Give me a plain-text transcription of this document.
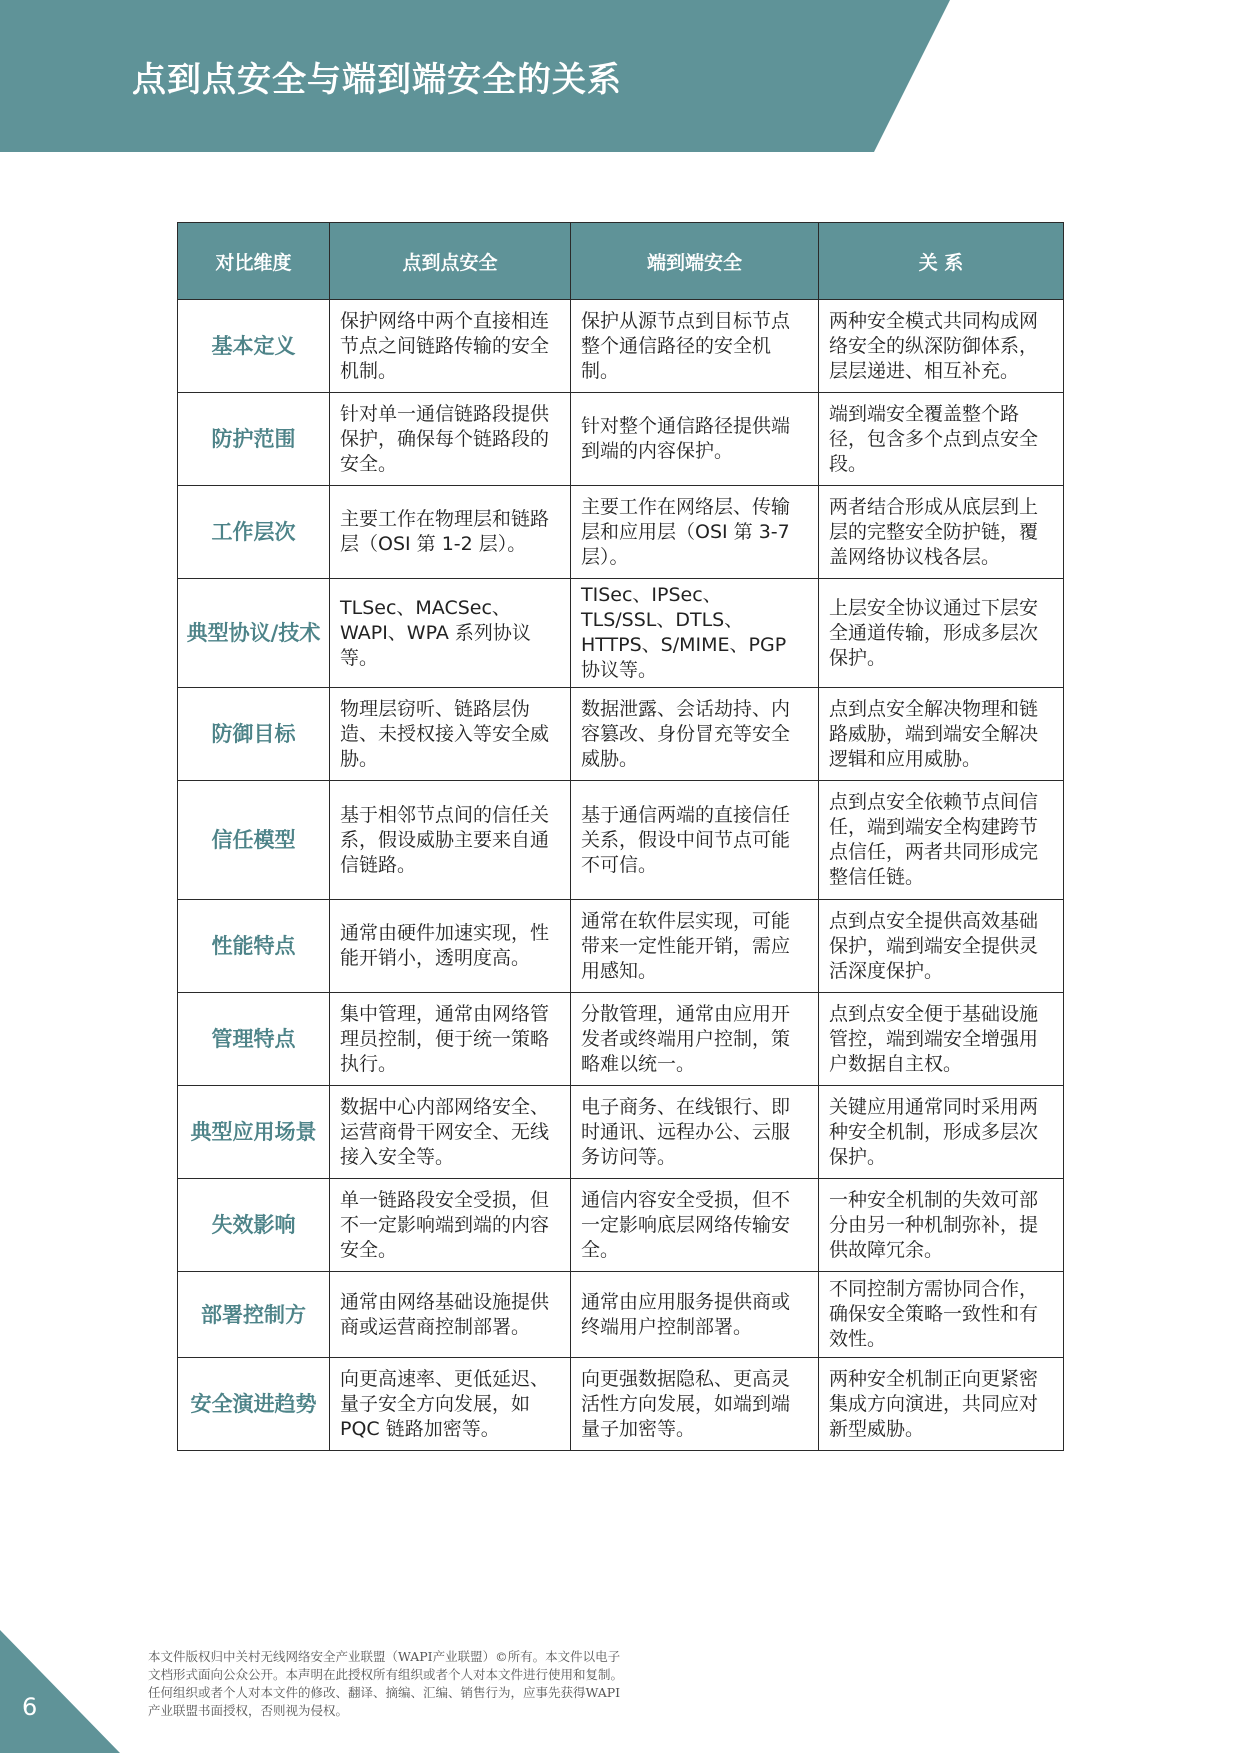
点到点安全与端到端安全的关系
对比维度	点到点安全	端到端安全	关 系
基本定义	保护网络中两个直接相连节点之间链路传输的安全机制。	保护从源节点到目标节点整个通信路径的安全机制。	两种安全模式共同构成网络安全的纵深防御体系，层层递进、相互补充。
防护范围	针对单一通信链路段提供保护，确保每个链路段的安全。	针对整个通信路径提供端到端的内容保护。	端到端安全覆盖整个路径，包含多个点到点安全段。
工作层次	主要工作在物理层和链路层（OSI 第 1-2 层）。	主要工作在网络层、传输层和应用层（OSI 第 3-7 层）。	两者结合形成从底层到上层的完整安全防护链，覆盖网络协议栈各层。
典型协议/技术	TLSec、MACSec、WAPI、WPA 系列协议等。	TISec、IPSec、TLS/SSL、DTLS、HTTPS、S/MIME、PGP 协议等。	上层安全协议通过下层安全通道传输，形成多层次保护。
防御目标	物理层窃听、链路层伪造、未授权接入等安全威胁。	数据泄露、会话劫持、内容篡改、身份冒充等安全威胁。	点到点安全解决物理和链路威胁，端到端安全解决逻辑和应用威胁。
信任模型	基于相邻节点间的信任关系，假设威胁主要来自通信链路。	基于通信两端的直接信任关系，假设中间节点可能不可信。	点到点安全依赖节点间信任，端到端安全构建跨节点信任，两者共同形成完整信任链。
性能特点	通常由硬件加速实现，性能开销小，透明度高。	通常在软件层实现，可能带来一定性能开销，需应用感知。	点到点安全提供高效基础保护，端到端安全提供灵活深度保护。
管理特点	集中管理，通常由网络管理员控制，便于统一策略执行。	分散管理，通常由应用开发者或终端用户控制，策略难以统一。	点到点安全便于基础设施管控，端到端安全增强用户数据自主权。
典型应用场景	数据中心内部网络安全、运营商骨干网安全、无线接入安全等。	电子商务、在线银行、即时通讯、远程办公、云服务访问等。	关键应用通常同时采用两种安全机制，形成多层次保护。
失效影响	单一链路段安全受损，但不一定影响端到端的内容安全。	通信内容安全受损，但不一定影响底层网络传输安全。	一种安全机制的失效可部分由另一种机制弥补，提供故障冗余。
部署控制方	通常由网络基础设施提供商或运营商控制部署。	通常由应用服务提供商或终端用户控制部署。	不同控制方需协同合作，确保安全策略一致性和有效性。
安全演进趋势	向更高速率、更低延迟、量子安全方向发展，如 PQC 链路加密等。	向更强数据隐私、更高灵活性方向发展，如端到端量子加密等。	两种安全机制正向更紧密集成方向演进，共同应对新型威胁。
6
本文件版权归中关村无线网络安全产业联盟（WAPI产业联盟）©所有。本文件以电子文档形式面向公众公开。本声明在此授权所有组织或者个人对本文件进行使用和复制。任何组织或者个人对本文件的修改、翻译、摘编、汇编、销售行为，应事先获得WAPI产业联盟书面授权，否则视为侵权。
